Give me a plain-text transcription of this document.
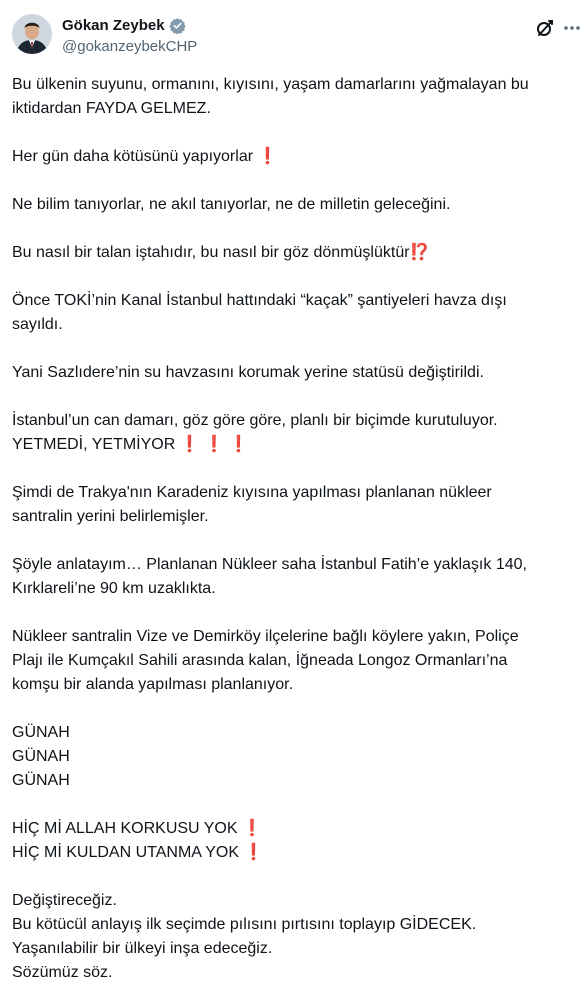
Gökan Zeybek
@gokanzeybekCHP
Bu ülkenin suyunu, ormanını, kıyısını, yaşam damarlarını yağmalayan bu
iktidardan FAYDA GELMEZ.
Her gün daha kötüsünü yapıyorlar ❗
Ne bilim tanıyorlar, ne akıl tanıyorlar, ne de milletin geleceğini.
Bu nasıl bir talan iştahıdır, bu nasıl bir göz dönmüşlüktür⁉️
Önce TOKİ’nin Kanal İstanbul hattındaki “kaçak” şantiyeleri havza dışı
sayıldı.
Yani Sazlıdere’nin su havzasını korumak yerine statüsü değiştirildi.
İstanbul’un can damarı, göz göre göre, planlı bir biçimde kurutuluyor.
YETMEDİ, YETMİYOR ❗ ❗ ❗
Şimdi de Trakya'nın Karadeniz kıyısına yapılması planlanan nükleer
santralin yerini belirlemişler.
Şöyle anlatayım… Planlanan Nükleer saha İstanbul Fatih’e yaklaşık 140,
Kırklareli’ne 90 km uzaklıkta.
Nükleer santralin Vize ve Demirköy ilçelerine bağlı köylere yakın, Poliçe
Plajı ile Kumçakıl Sahili arasında kalan, İğneada Longoz Ormanları’na
komşu bir alanda yapılması planlanıyor.
GÜNAH
GÜNAH
GÜNAH
HİÇ Mİ ALLAH KORKUSU YOK ❗
HİÇ Mİ KULDAN UTANMA YOK ❗
Değiştireceğiz.
Bu kötücül anlayış ilk seçimde pılısını pırtısını toplayıp GİDECEK.
Yaşanılabilir bir ülkeyi inşa edeceğiz.
Sözümüz söz.
